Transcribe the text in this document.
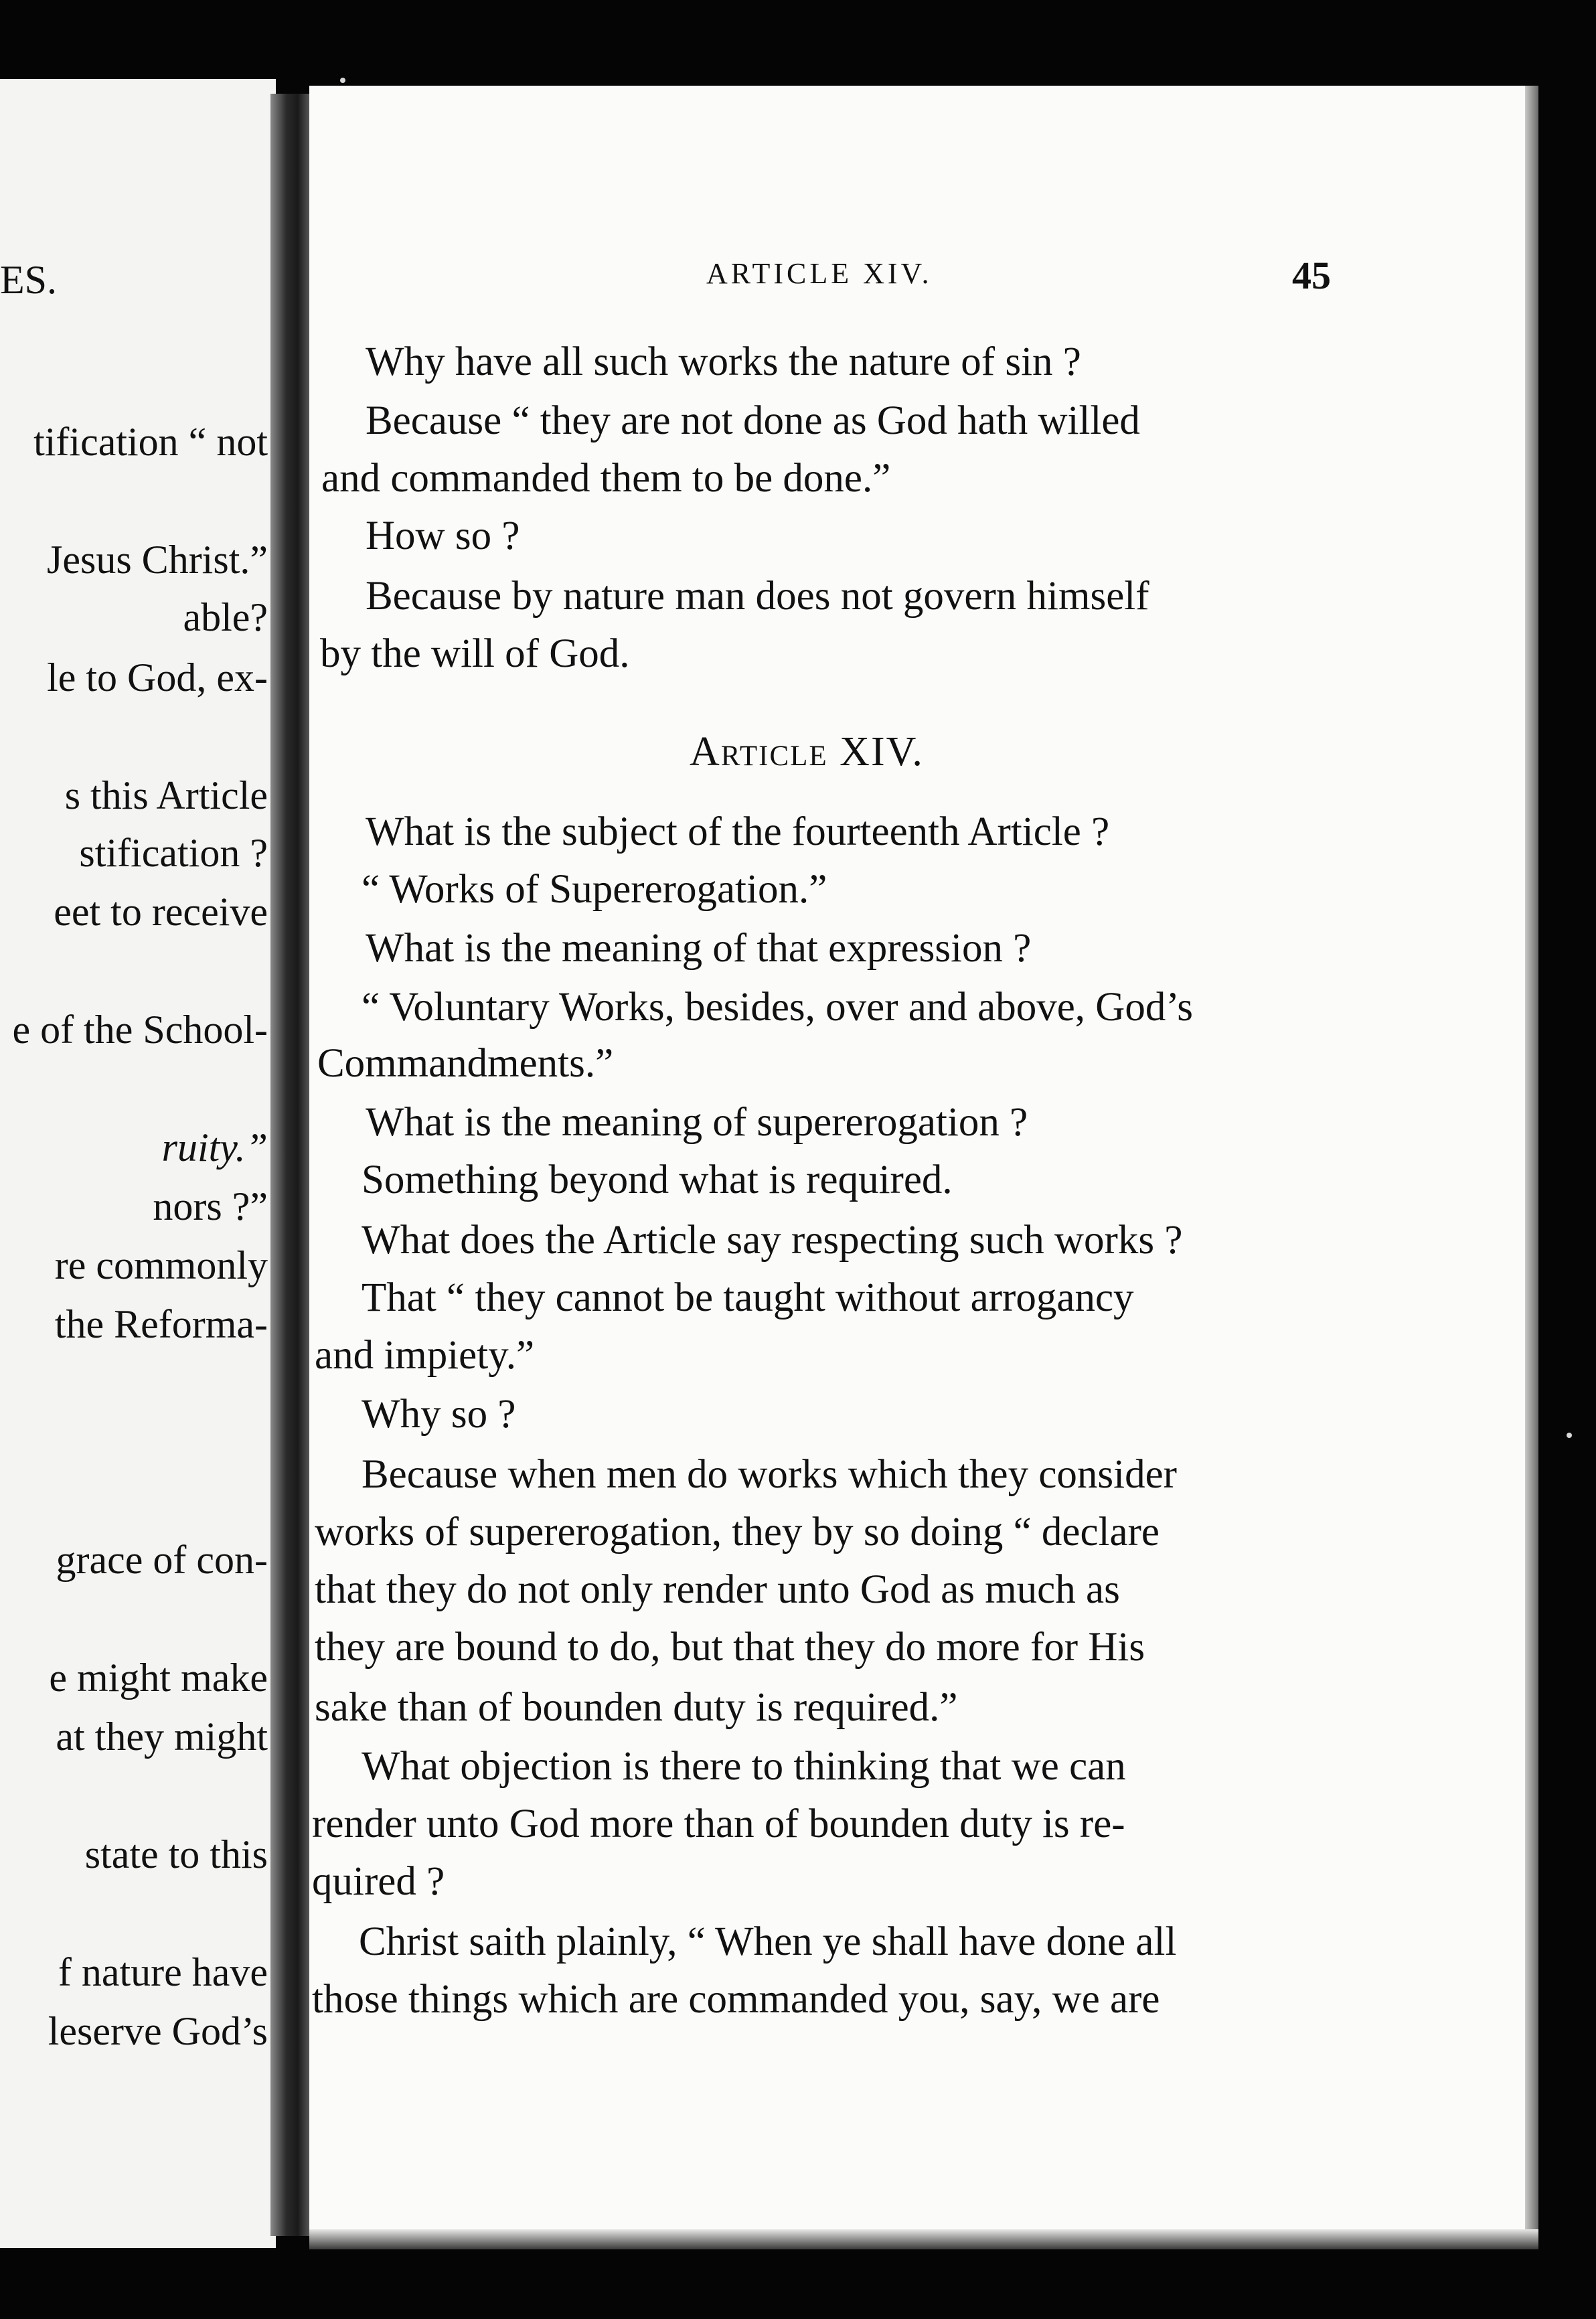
ES.
tification “ not
Jesus Christ.”
able?
le to God, ex-
s this Article
stification ?
eet to receive
e of the School-
ruity.”
nors ?”
re commonly
the Reforma-
grace of con-
e might make
at they might
state to this
f nature have
leserve God’s
ARTICLE XIV.	45
Why have all such works the nature of sin ?
Because “ they are not done as God hath willed
and commanded them to be done.”
How so ?
Because by nature man does not govern himself
by the will of God.
Article XIV.
What is the subject of the fourteenth Article ?
“ Works of Supererogation.”
What is the meaning of that expression ?
“ Voluntary Works, besides, over and above, God’s
Commandments.”
What is the meaning of supererogation ?
Something beyond what is required.
What does the Article say respecting such works ?
That “ they cannot be taught without arrogancy
and impiety.”
Why so ?
Because when men do works which they consider
works of supererogation, they by so doing “ declare
that they do not only render unto God as much as
they are bound to do, but that they do more for His
sake than of bounden duty is required.”
What objection is there to thinking that we can
render unto God more than of bounden duty is re-
quired ?
Christ saith plainly, “ When ye shall have done all
those things which are commanded you, say, we are
